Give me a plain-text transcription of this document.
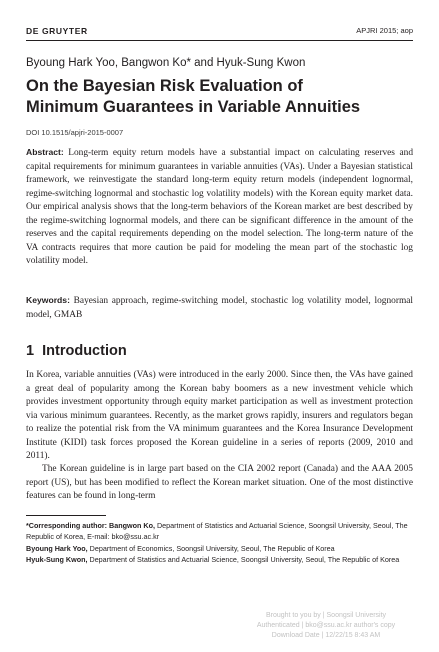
DE GRUYTER	APJRI 2015; aop
Byoung Hark Yoo, Bangwon Ko* and Hyuk-Sung Kwon
On the Bayesian Risk Evaluation of
Minimum Guarantees in Variable Annuities
DOI 10.1515/apjri-2015-0007

Abstract: Long-term equity return models have a substantial impact on calculating reserves and capital requirements for minimum guarantees in variable annuities (VAs). Under a Bayesian statistical framework, we reinvestigate the standard long-term equity return models (independent lognormal, regime-switching lognormal and stochastic log volatility models) with the Korean equity market data. Our empirical analysis shows that the long-term behaviors of the Korean market are best described by the regime-switching lognormal models, and there can be significant difference in the amount of the reserves and the capital requirements depending on the model selection. The long-term nature of the VA contracts requires that more caution be paid for modeling the mean part of the stochastic log volatility model.

Keywords: Bayesian approach, regime-switching model, stochastic log volatility model, lognormal model, GMAB

1  Introduction

In Korea, variable annuities (VAs) were introduced in the early 2000. Since then, the VAs have gained a great deal of popularity among the Korean baby boomers as a new investment vehicle which provides investment opportunity through equity market participation as well as investment protection via various minimum guarantees. Recently, as the market grows rapidly, insurers and regulators began to realize the potential risk from the VA minimum guarantees and the Korea Insurance Development Institute (KIDI) task forces proposed the Korean guideline in a series of reports (2009, 2010 and 2011).

The Korean guideline is in large part based on the CIA 2002 report (Canada) and the AAA 2005 report (US), but has been modified to reflect the Korean market situation. One of the most distinctive features can be found in long-term

*Corresponding author: Bangwon Ko, Department of Statistics and Actuarial Science, Soongsil University, Seoul, The Republic of Korea, E-mail: bko@ssu.ac.kr

Byoung Hark Yoo, Department of Economics, Soongsil University, Seoul, The Republic of Korea

Hyuk-Sung Kwon, Department of Statistics and Actuarial Science, Soongsil University, Seoul, The Republic of Korea

Brought to you by | Soongsil University
Authenticated | bko@ssu.ac.kr author's copy
Download Date | 12/22/15 8:43 AM
